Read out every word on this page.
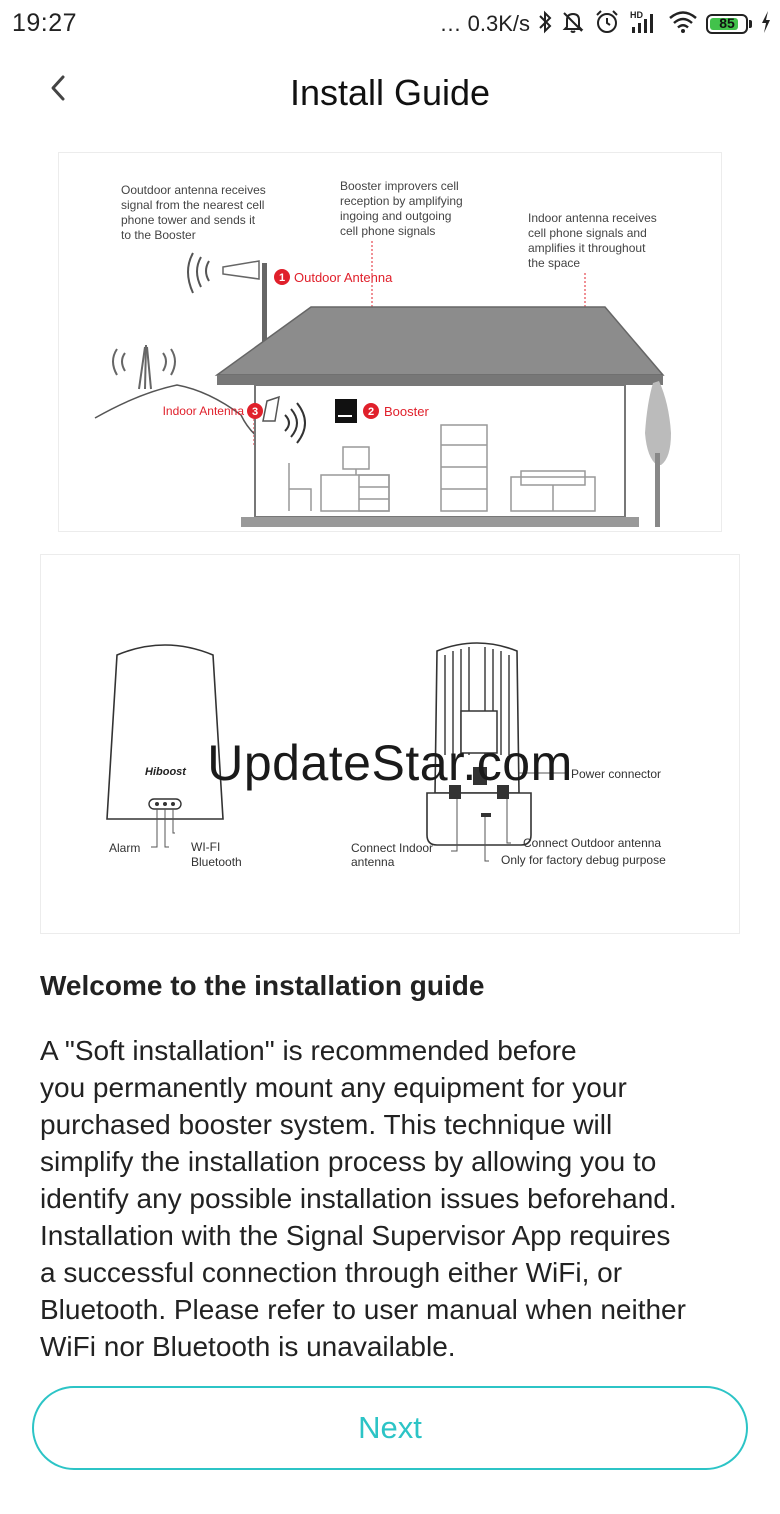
19:27	… 0.3K/s	HD
85
Install Guide
Ooutdoor antenna receives
signal from the nearest cell
phone tower and sends it
to the Booster
Booster improvers cell
reception by amplifying
ingoing and outgoing
cell phone signals
Indoor antenna receives
cell phone signals and
amplifies it throughout
the space
1 Outdoor Antenna
2 Booster
3
Indoor Antenna
Hiboost
Alarm	WI-FI
Bluetooth
Power connector
Connect Indoor
antenna
Connect Outdoor antenna
Only for factory debug purpose
UpdateStar.com
Welcome to the installation guide
A "Soft installation" is recommended before
you permanently mount any equipment for your
purchased booster system. This technique will
simplify the installation process by allowing you to
identify any possible installation issues beforehand.
Installation with the Signal Supervisor App requires
a successful connection through either WiFi, or
Bluetooth. Please refer to user manual when neither
WiFi nor Bluetooth is unavailable.
Next
